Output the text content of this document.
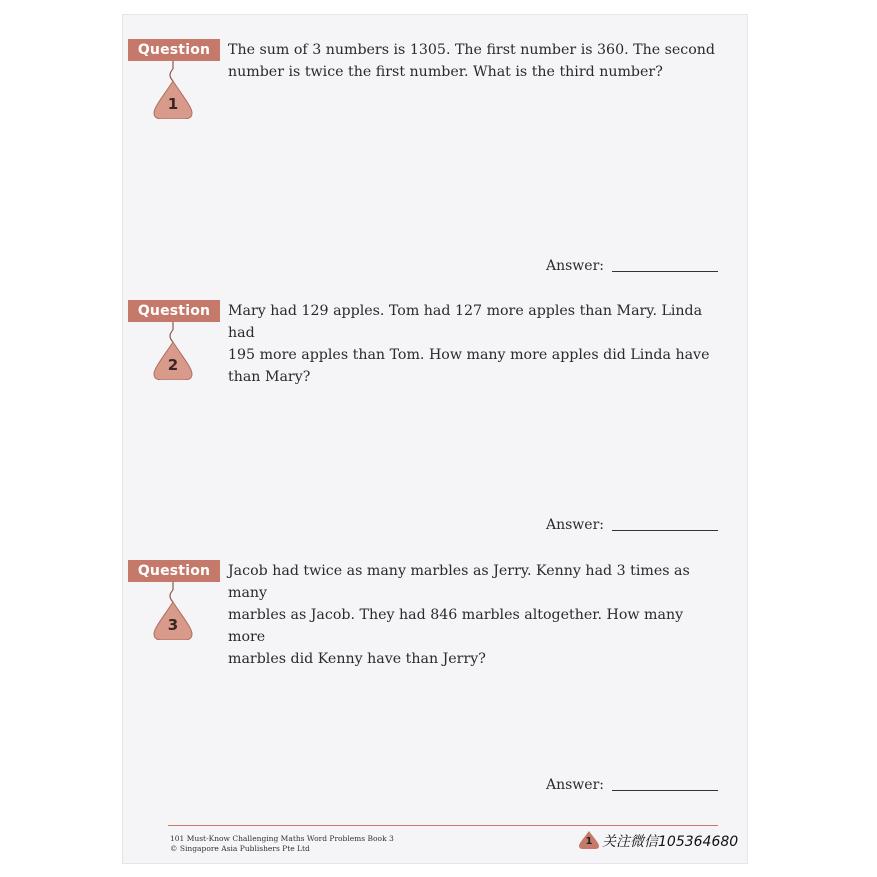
Question
1
The sum of 3 numbers is 1305. The first number is 360. The second
number is twice the first number. What is the third number?
Answer:
Question
2
Mary had 129 apples. Tom had 127 more apples than Mary. Linda had
195 more apples than Tom. How many more apples did Linda have
than Mary?
Answer:
Question
3
Jacob had twice as many marbles as Jerry. Kenny had 3 times as many
marbles as Jacob. They had 846 marbles altogether. How many more
marbles did Kenny have than Jerry?
Answer:
101 Must-Know Challenging Maths Word Problems Book 3
© Singapore Asia Publishers Pte Ltd
1 关注微信105364680
